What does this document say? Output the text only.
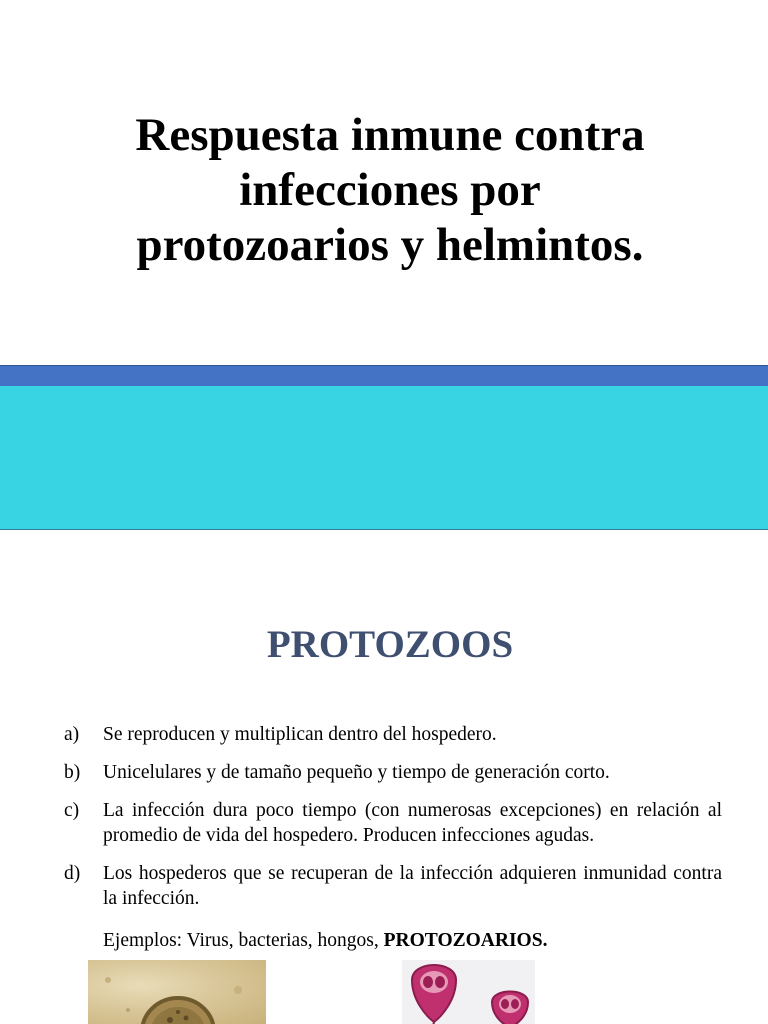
Respuesta inmune contra
infecciones por
protozoarios y helmintos.
PROTOZOOS
a)	Se reproducen y multiplican dentro del hospedero.
b)	Unicelulares y de tamaño pequeño y tiempo de generación corto.
c)	La infección dura poco tiempo (con numerosas excepciones) en relación al promedio de vida del hospedero. Producen infecciones agudas.
d)	Los hospederos que se recuperan de la infección adquieren inmunidad contra la infección.
Ejemplos: Virus, bacterias, hongos, PROTOZOARIOS.
